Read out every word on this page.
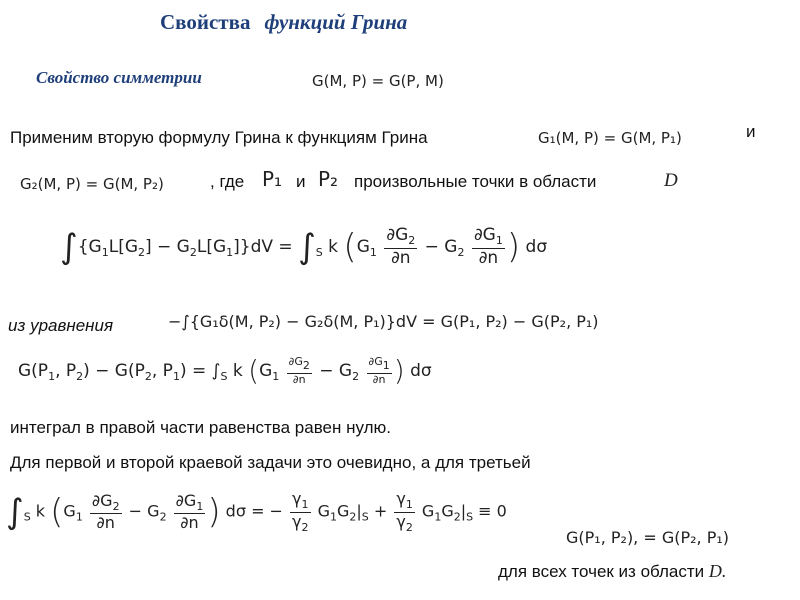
Свойства функций Грина
Свойство симметрии	G(M, P) = G(P, M)
Применим вторую формулу Грина к функциям Грина	G₁(M, P) = G(M, P₁)	и
G₂(M, P) = G(M, P₂)	, где P₁ и P₂ произвольные точки в области	D
$\int\{G_1L[G_2] - G_2L[G_1]\}dV = \int_S$ k ($G_1 \frac{\partial G_2}{\partial n} - G_2 \frac{\partial G_1}{\partial n}$ ) dσ
из уравнения	−∫{G₁δ(M, P₂) − G₂δ(M, P₁)}dV = G(P₁, P₂) − G(P₂, P₁)
$G(P_1$, $P_2) - G(P_2$, $P_1) = \int_S$ k ($G_1 \frac{\partial G2}{\partial n} - G_2 \frac{\partial G1}{\partial n}$ ) dσ
интеграл в правой части равенства равен нулю.
Для первой и второй краевой задачи это очевидно, а для третьей
$\int_S$ k ($G_1 \frac{\partial G_2}{\partial n} - G_2 \frac{\partial G_1}{\partial n}$ ) dσ = − $\frac{\gamma_1}{\gamma_2} G_1G_2|_S + \frac{\gamma_1}{\gamma_2} G_1G_2|_S \equiv 0$
G(P₁, P₂), = G(P₂, P₁)
для всех точек из области D.
